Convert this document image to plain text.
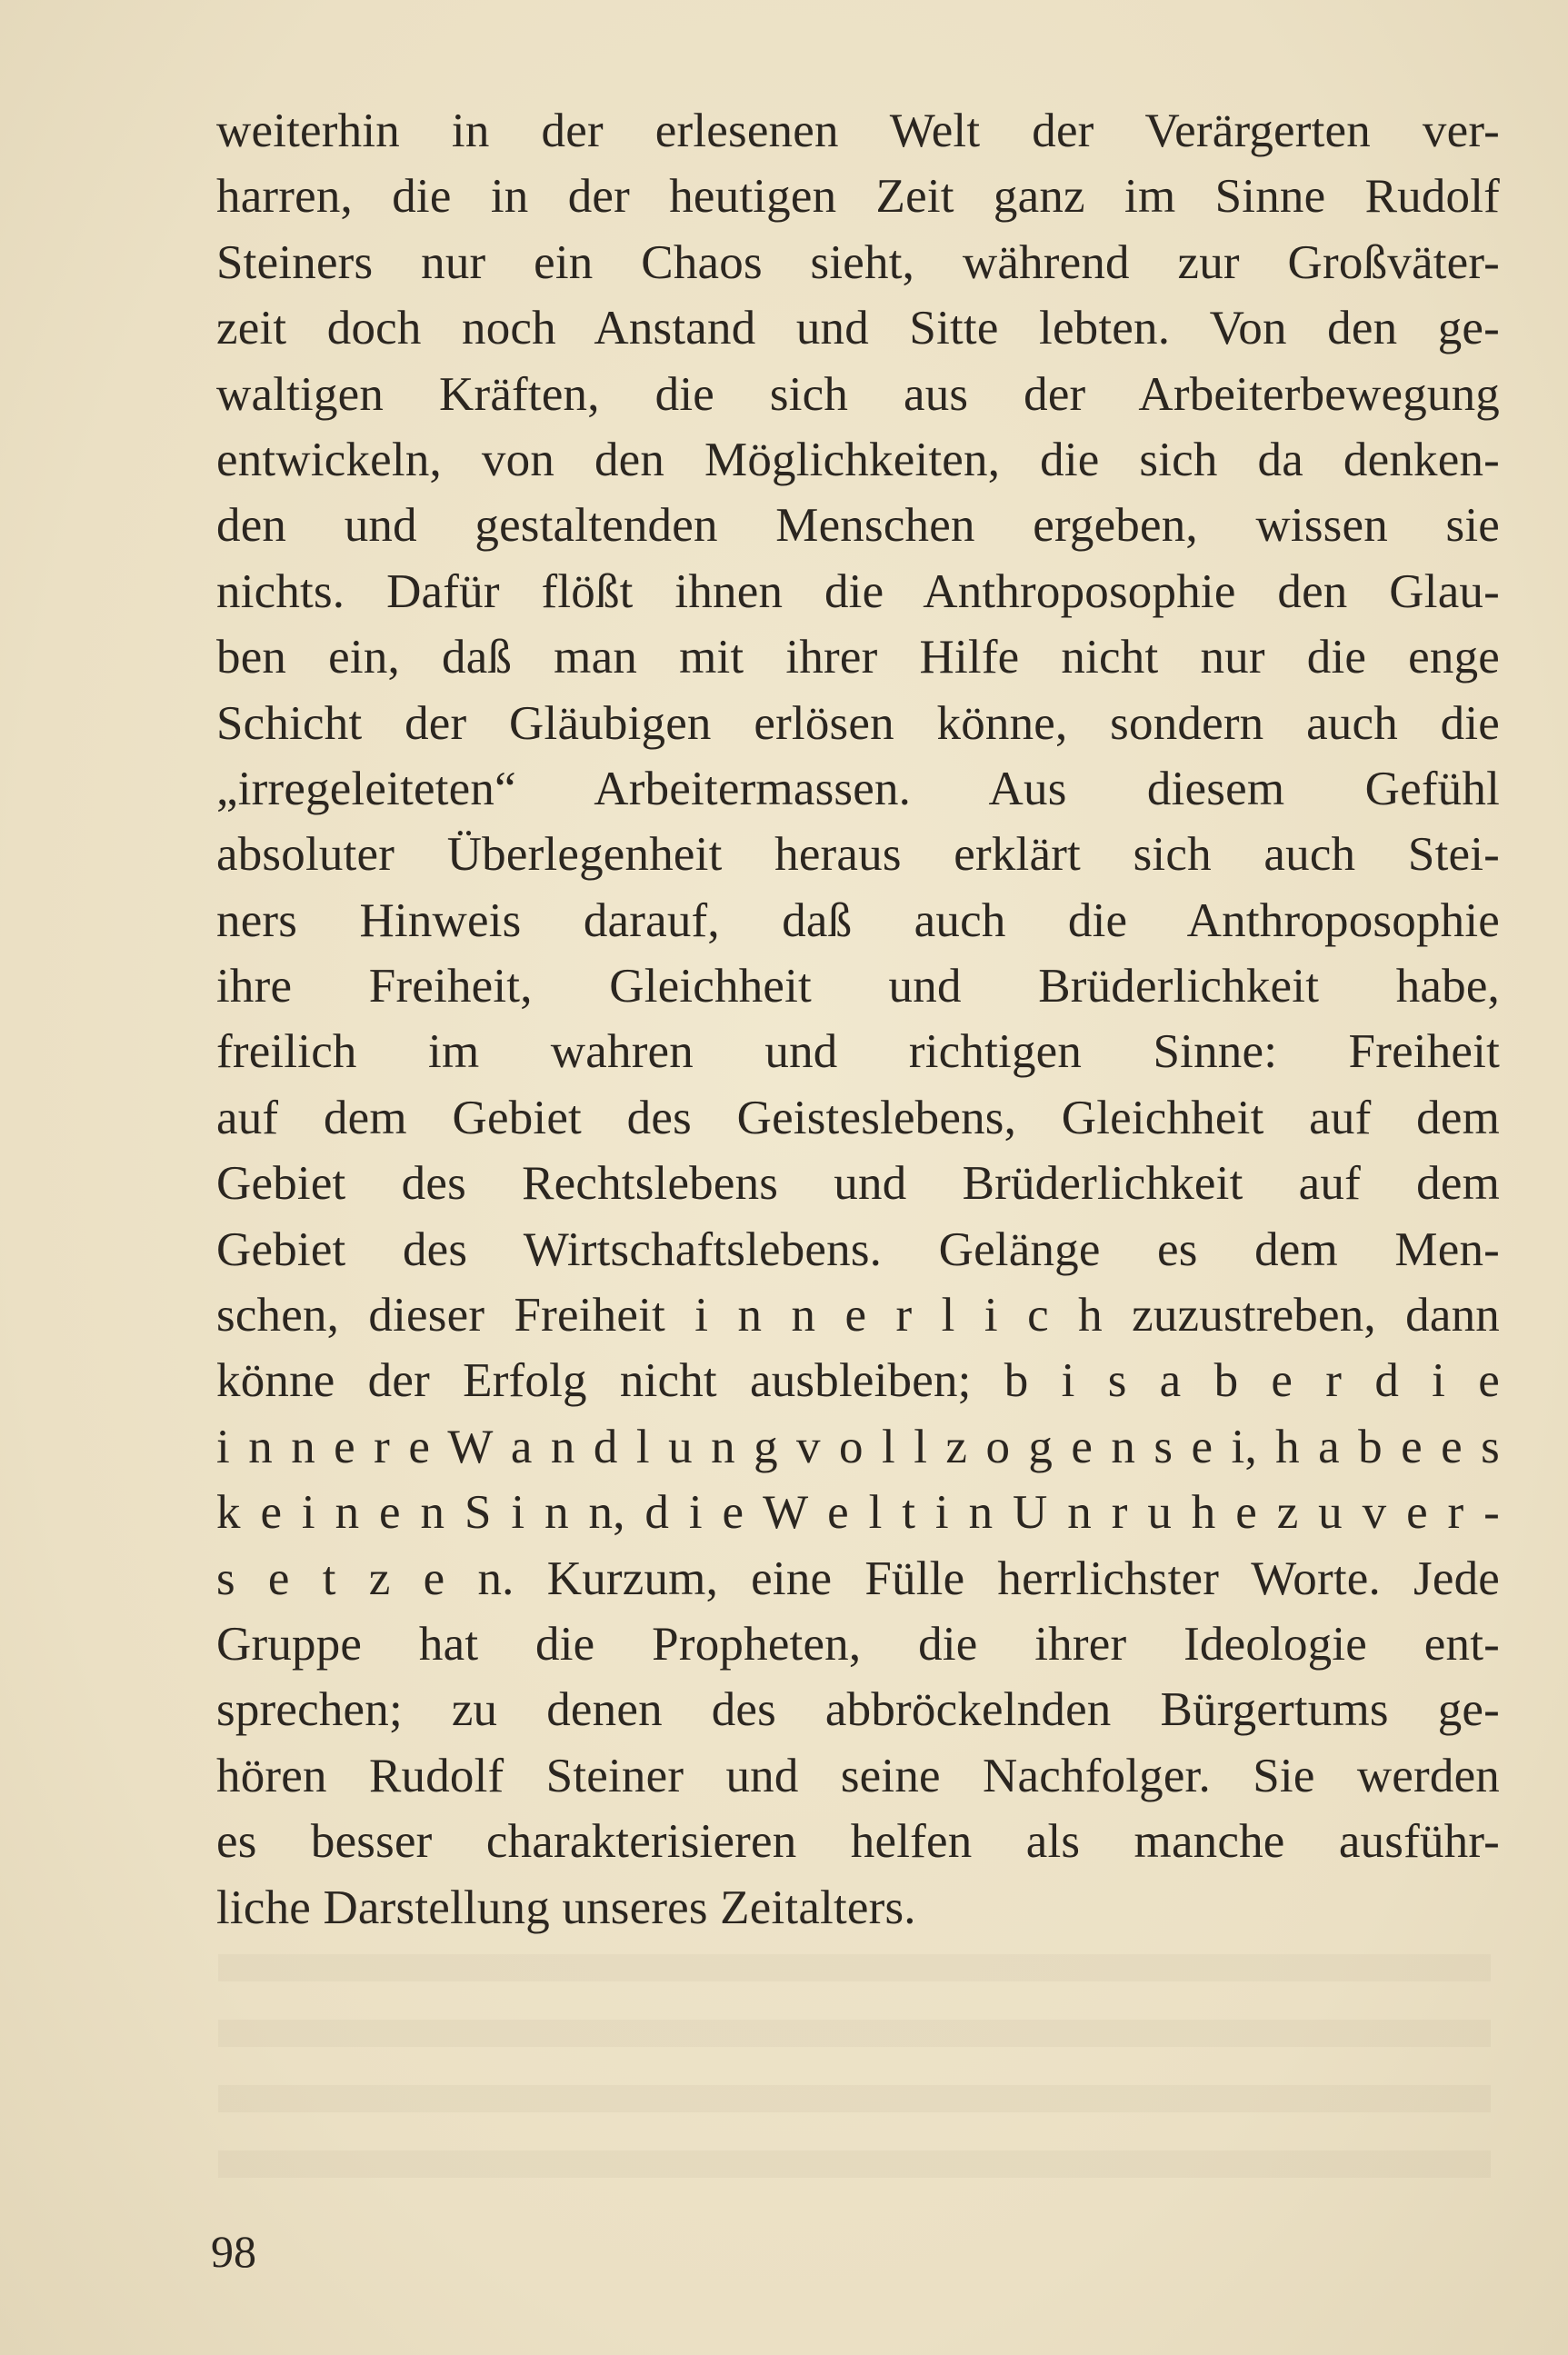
weiterhin in der erlesenen Welt der Verärgerten ver-
harren, die in der heutigen Zeit ganz im Sinne Rudolf
Steiners nur ein Chaos sieht, während zur Großväter-
zeit doch noch Anstand und Sitte lebten. Von den ge-
waltigen Kräften, die sich aus der Arbeiterbewegung
entwickeln, von den Möglichkeiten, die sich da denken-
den und gestaltenden Menschen ergeben, wissen sie
nichts. Dafür flößt ihnen die Anthroposophie den Glau-
ben ein, daß man mit ihrer Hilfe nicht nur die enge
Schicht der Gläubigen erlösen könne, sondern auch die
„irregeleiteten“ Arbeitermassen. Aus diesem Gefühl
absoluter Überlegenheit heraus erklärt sich auch Stei-
ners Hinweis darauf, daß auch die Anthroposophie
ihre Freiheit, Gleichheit und Brüderlichkeit habe,
freilich im wahren und richtigen Sinne: Freiheit
auf dem Gebiet des Geisteslebens, Gleichheit auf dem
Gebiet des Rechtslebens und Brüderlichkeit auf dem
Gebiet des Wirtschaftslebens. Gelänge es dem Men-
schen, dieser Freiheit i n n e r l i c h zuzustreben, dann
könne der Erfolg nicht ausbleiben; b i s a b e r d i e
i n n e r e W a n d l u n g v o l l z o g e n s e i, h a b e e s
k e i n e n S i n n, d i e W e l t i n U n r u h e z u v e r -
s e t z e n. Kurzum, eine Fülle herrlichster Worte. Jede
Gruppe hat die Propheten, die ihrer Ideologie ent-
sprechen; zu denen des abbröckelnden Bürgertums ge-
hören Rudolf Steiner und seine Nachfolger. Sie werden
es besser charakterisieren helfen als manche ausführ-
liche Darstellung unseres Zeitalters.
98
